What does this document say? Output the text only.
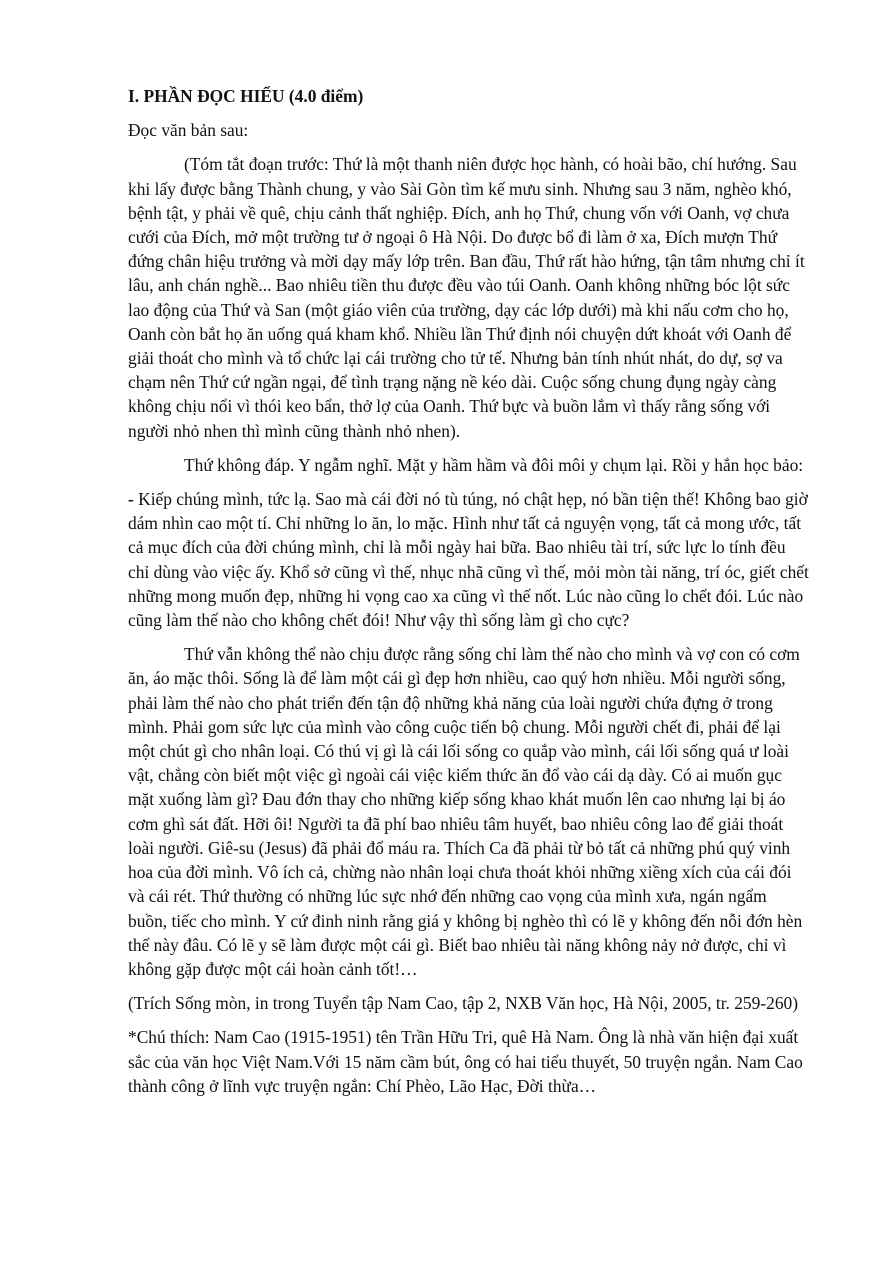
I. PHẦN ĐỌC HIỂU (4.0 điểm)

Đọc văn bản sau:

(Tóm tắt đoạn trước: Thứ là một thanh niên được học hành, có hoài bão, chí hướng. Sau khi lấy được bằng Thành chung, y vào Sài Gòn tìm kế mưu sinh. Nhưng sau 3 năm, nghèo khó, bệnh tật, y phải về quê, chịu cảnh thất nghiệp. Đích, anh họ Thứ, chung vốn với Oanh, vợ chưa cưới của Đích, mở một trường tư ở ngoại ô Hà Nội. Do được bổ đi làm ở xa, Đích mượn Thứ đứng chân hiệu trưởng và mời dạy mấy lớp trên. Ban đầu, Thứ rất hào hứng, tận tâm nhưng chỉ ít lâu, anh chán nghề... Bao nhiêu tiền thu được đều vào túi Oanh. Oanh không những bóc lột sức lao động của Thứ và San (một giáo viên của trường, dạy các lớp dưới) mà khi nấu cơm cho họ, Oanh còn bắt họ ăn uống quá kham khổ. Nhiều lần Thứ định nói chuyện dứt khoát với Oanh để giải thoát cho mình và tổ chức lại cái trường cho tử tế. Nhưng bản tính nhút nhát, do dự, sợ va chạm nên Thứ cứ ngần ngại, để tình trạng nặng nề kéo dài. Cuộc sống chung đụng ngày càng không chịu nổi vì thói keo bẩn, thở lợ của Oanh. Thứ bực và buồn lắm vì thấy rằng sống với người nhỏ nhen thì mình cũng thành nhỏ nhen).

Thứ không đáp. Y ngẫm nghĩ. Mặt y hầm hầm và đôi môi y chụm lại. Rồi y hắn học bảo:

- Kiếp chúng mình, tức lạ. Sao mà cái đời nó tù túng, nó chật hẹp, nó bần tiện thế! Không bao giờ dám nhìn cao một tí. Chỉ những lo ăn, lo mặc. Hình như tất cả nguyện vọng, tất cả mong ước, tất cả mục đích của đời chúng mình, chỉ là mỗi ngày hai bữa. Bao nhiêu tài trí, sức lực lo tính đều chỉ dùng vào việc ấy. Khổ sở cũng vì thế, nhục nhã cũng vì thế, mỏi mòn tài năng, trí óc, giết chết những mong muốn đẹp, những hi vọng cao xa cũng vì thế nốt. Lúc nào cũng lo chết đói. Lúc nào cũng làm thế nào cho không chết đói! Như vậy thì sống làm gì cho cực?

Thứ vẫn không thể nào chịu được rằng sống chỉ làm thế nào cho mình và vợ con có cơm ăn, áo mặc thôi. Sống là để làm một cái gì đẹp hơn nhiều, cao quý hơn nhiều. Mỗi người sống, phải làm thế nào cho phát triển đến tận độ những khả năng của loài người chứa đựng ở trong mình. Phải gom sức lực của mình vào công cuộc tiến bộ chung. Mỗi người chết đi, phải để lại một chút gì cho nhân loại. Có thú vị gì là cái lối sống co quắp vào mình, cái lối sống quá ư loài vật, chẳng còn biết một việc gì ngoài cái việc kiếm thức ăn đổ vào cái dạ dày. Có ai muốn gục mặt xuống làm gì? Đau đớn thay cho những kiếp sống khao khát muốn lên cao nhưng lại bị áo cơm ghì sát đất. Hỡi ôi! Người ta đã phí bao nhiêu tâm huyết, bao nhiêu công lao để giải thoát loài người. Giê-su (Jesus) đã phải đổ máu ra. Thích Ca đã phải từ bỏ tất cả những phú quý vinh hoa của đời mình. Vô ích cả, chừng nào nhân loại chưa thoát khỏi những xiềng xích của cái đói và cái rét. Thứ thường có những lúc sực nhớ đến những cao vọng của mình xưa, ngán ngẩm buồn, tiếc cho mình. Y cứ đinh ninh rằng giá y không bị nghèo thì có lẽ y không đến nỗi đớn hèn thế này đâu. Có lẽ y sẽ làm được một cái gì. Biết bao nhiêu tài năng không nảy nở được, chỉ vì không gặp được một cái hoàn cảnh tốt!…

(Trích Sống mòn, in trong Tuyển tập Nam Cao, tập 2, NXB Văn học, Hà Nội, 2005, tr. 259-260)

*Chú thích: Nam Cao (1915-1951) tên Trần Hữu Tri, quê Hà Nam. Ông là nhà văn hiện đại xuất sắc của văn học Việt Nam.Với 15 năm cầm bút, ông có hai tiểu thuyết, 50 truyện ngắn. Nam Cao thành công ở lĩnh vực truyện ngắn: Chí Phèo, Lão Hạc, Đời thừa…
